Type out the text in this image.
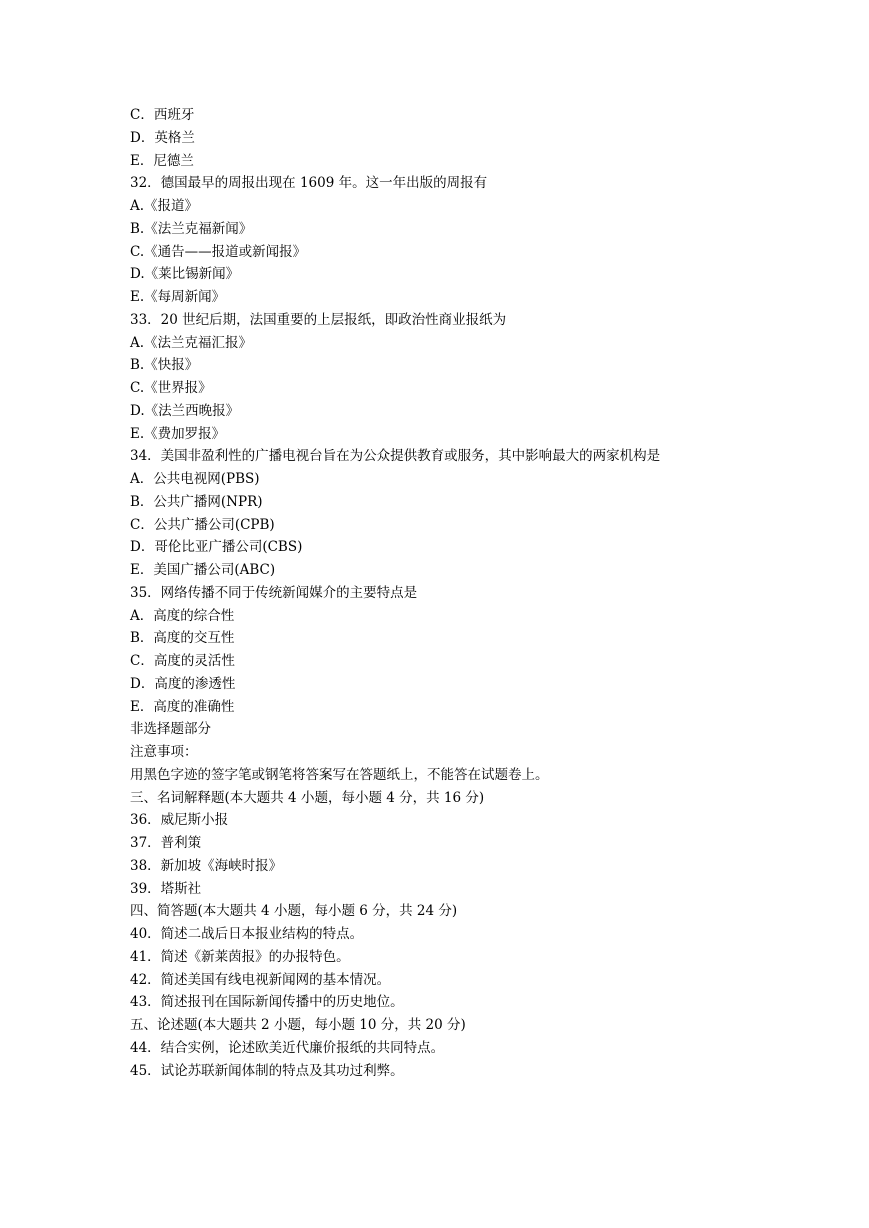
C．西班牙
D．英格兰
E．尼德兰
32．德国最早的周报出现在 1609 年。这一年出版的周报有
A.《报道》
B.《法兰克福新闻》
C.《通告——报道或新闻报》
D.《莱比锡新闻》
E.《每周新闻》
33．20 世纪后期，法国重要的上层报纸，即政治性商业报纸为
A.《法兰克福汇报》
B.《快报》
C.《世界报》
D.《法兰西晚报》
E.《费加罗报》
34．美国非盈利性的广播电视台旨在为公众提供教育或服务，其中影响最大的两家机构是
A．公共电视网(PBS)
B．公共广播网(NPR)
C．公共广播公司(CPB)
D．哥伦比亚广播公司(CBS)
E．美国广播公司(ABC)
35．网络传播不同于传统新闻媒介的主要特点是
A．高度的综合性
B．高度的交互性
C．高度的灵活性
D．高度的渗透性
E．高度的准确性
非选择题部分
注意事项：
用黑色字迹的签字笔或钢笔将答案写在答题纸上，不能答在试题卷上。
三、名词解释题(本大题共 4 小题，每小题 4 分，共 16 分)
36．威尼斯小报
37．普利策
38．新加坡《海峡时报》
39．塔斯社
四、简答题(本大题共 4 小题，每小题 6 分，共 24 分)
40．简述二战后日本报业结构的特点。
41．简述《新莱茵报》的办报特色。
42．简述美国有线电视新闻网的基本情况。
43．简述报刊在国际新闻传播中的历史地位。
五、论述题(本大题共 2 小题，每小题 10 分，共 20 分)
44．结合实例，论述欧美近代廉价报纸的共同特点。
45．试论苏联新闻体制的特点及其功过利弊。
